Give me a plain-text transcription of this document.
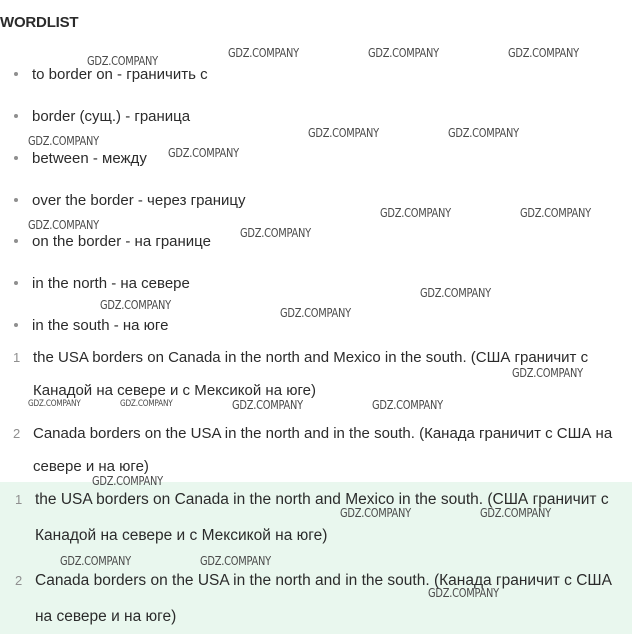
WORDLIST
to border on - граничить с
border (сущ.) - граница
between - между
over the border - через границу
on the border - на границе
in the north - на севере
in the south - на юге
1 the USA borders on Canada in the north and Mexico in the south. (США граничит с Канадой на севере и с Мексикой на юге)
2 Canada borders on the USA in the north and in the south. (Канада граничит с США на севере и на юге)
1 the USA borders on Canada in the north and Mexico in the south. (США граничит с Канадой на севере и с Мексикой на юге)
2 Canada borders on the USA in the north and in the south. (Канада граничит с США на севере и на юге)
GDZ.COMPANY
GDZ.COMPANY	GDZ.COMPANY	GDZ.COMPANY
GDZ.COMPANY
GDZ.COMPANY	GDZ.COMPANY
GDZ.COMPANY
GDZ.COMPANY	GDZ.COMPANY
GDZ.COMPANY
GDZ.COMPANY
GDZ.COMPANY
GDZ.COMPANY
GDZ.COMPANY
GDZ.COMPANY
GDZ.COMPANY	GDZ.COMPANY	GDZ.COMPANY	GDZ.COMPANY
GDZ.COMPANY
GDZ.COMPANY	GDZ.COMPANY
GDZ.COMPANY	GDZ.COMPANY
GDZ.COMPANY
